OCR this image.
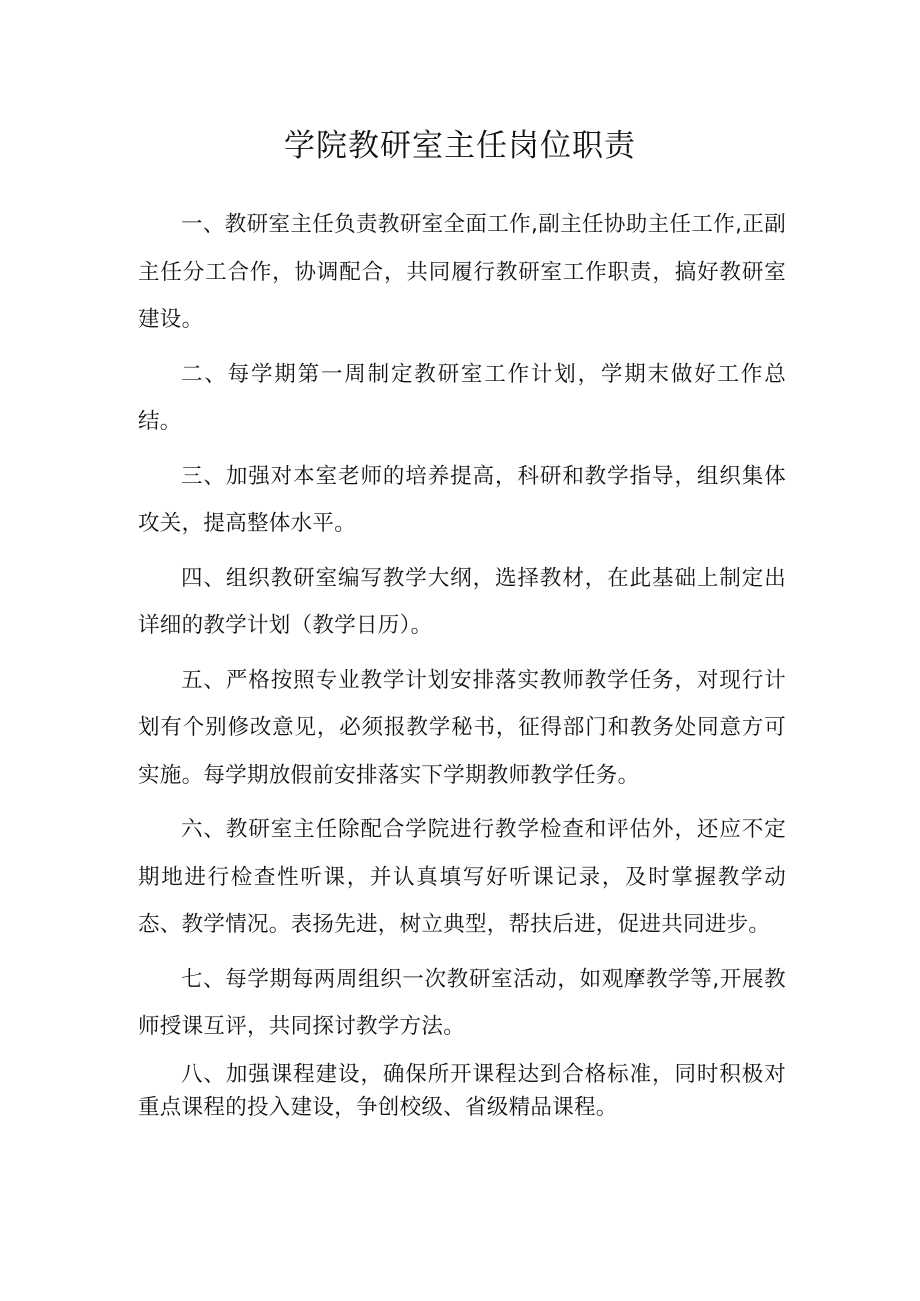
学院教研室主任岗位职责

一、教研室主任负责教研室全面工作,副主任协助主任工作,正副主任分工合作，协调配合，共同履行教研室工作职责，搞好教研室建设。

二、每学期第一周制定教研室工作计划，学期末做好工作总结。

三、加强对本室老师的培养提高，科研和教学指导，组织集体攻关，提高整体水平。

四、组织教研室编写教学大纲，选择教材，在此基础上制定出详细的教学计划（教学日历）。

五、严格按照专业教学计划安排落实教师教学任务，对现行计划有个别修改意见，必须报教学秘书，征得部门和教务处同意方可实施。每学期放假前安排落实下学期教师教学任务。

六、教研室主任除配合学院进行教学检查和评估外，还应不定期地进行检查性听课，并认真填写好听课记录，及时掌握教学动态、教学情况。表扬先进，树立典型，帮扶后进，促进共同进步。

七、每学期每两周组织一次教研室活动，如观摩教学等,开展教师授课互评，共同探讨教学方法。

八、加强课程建设，确保所开课程达到合格标准，同时积极对重点课程的投入建设，争创校级、省级精品课程。
